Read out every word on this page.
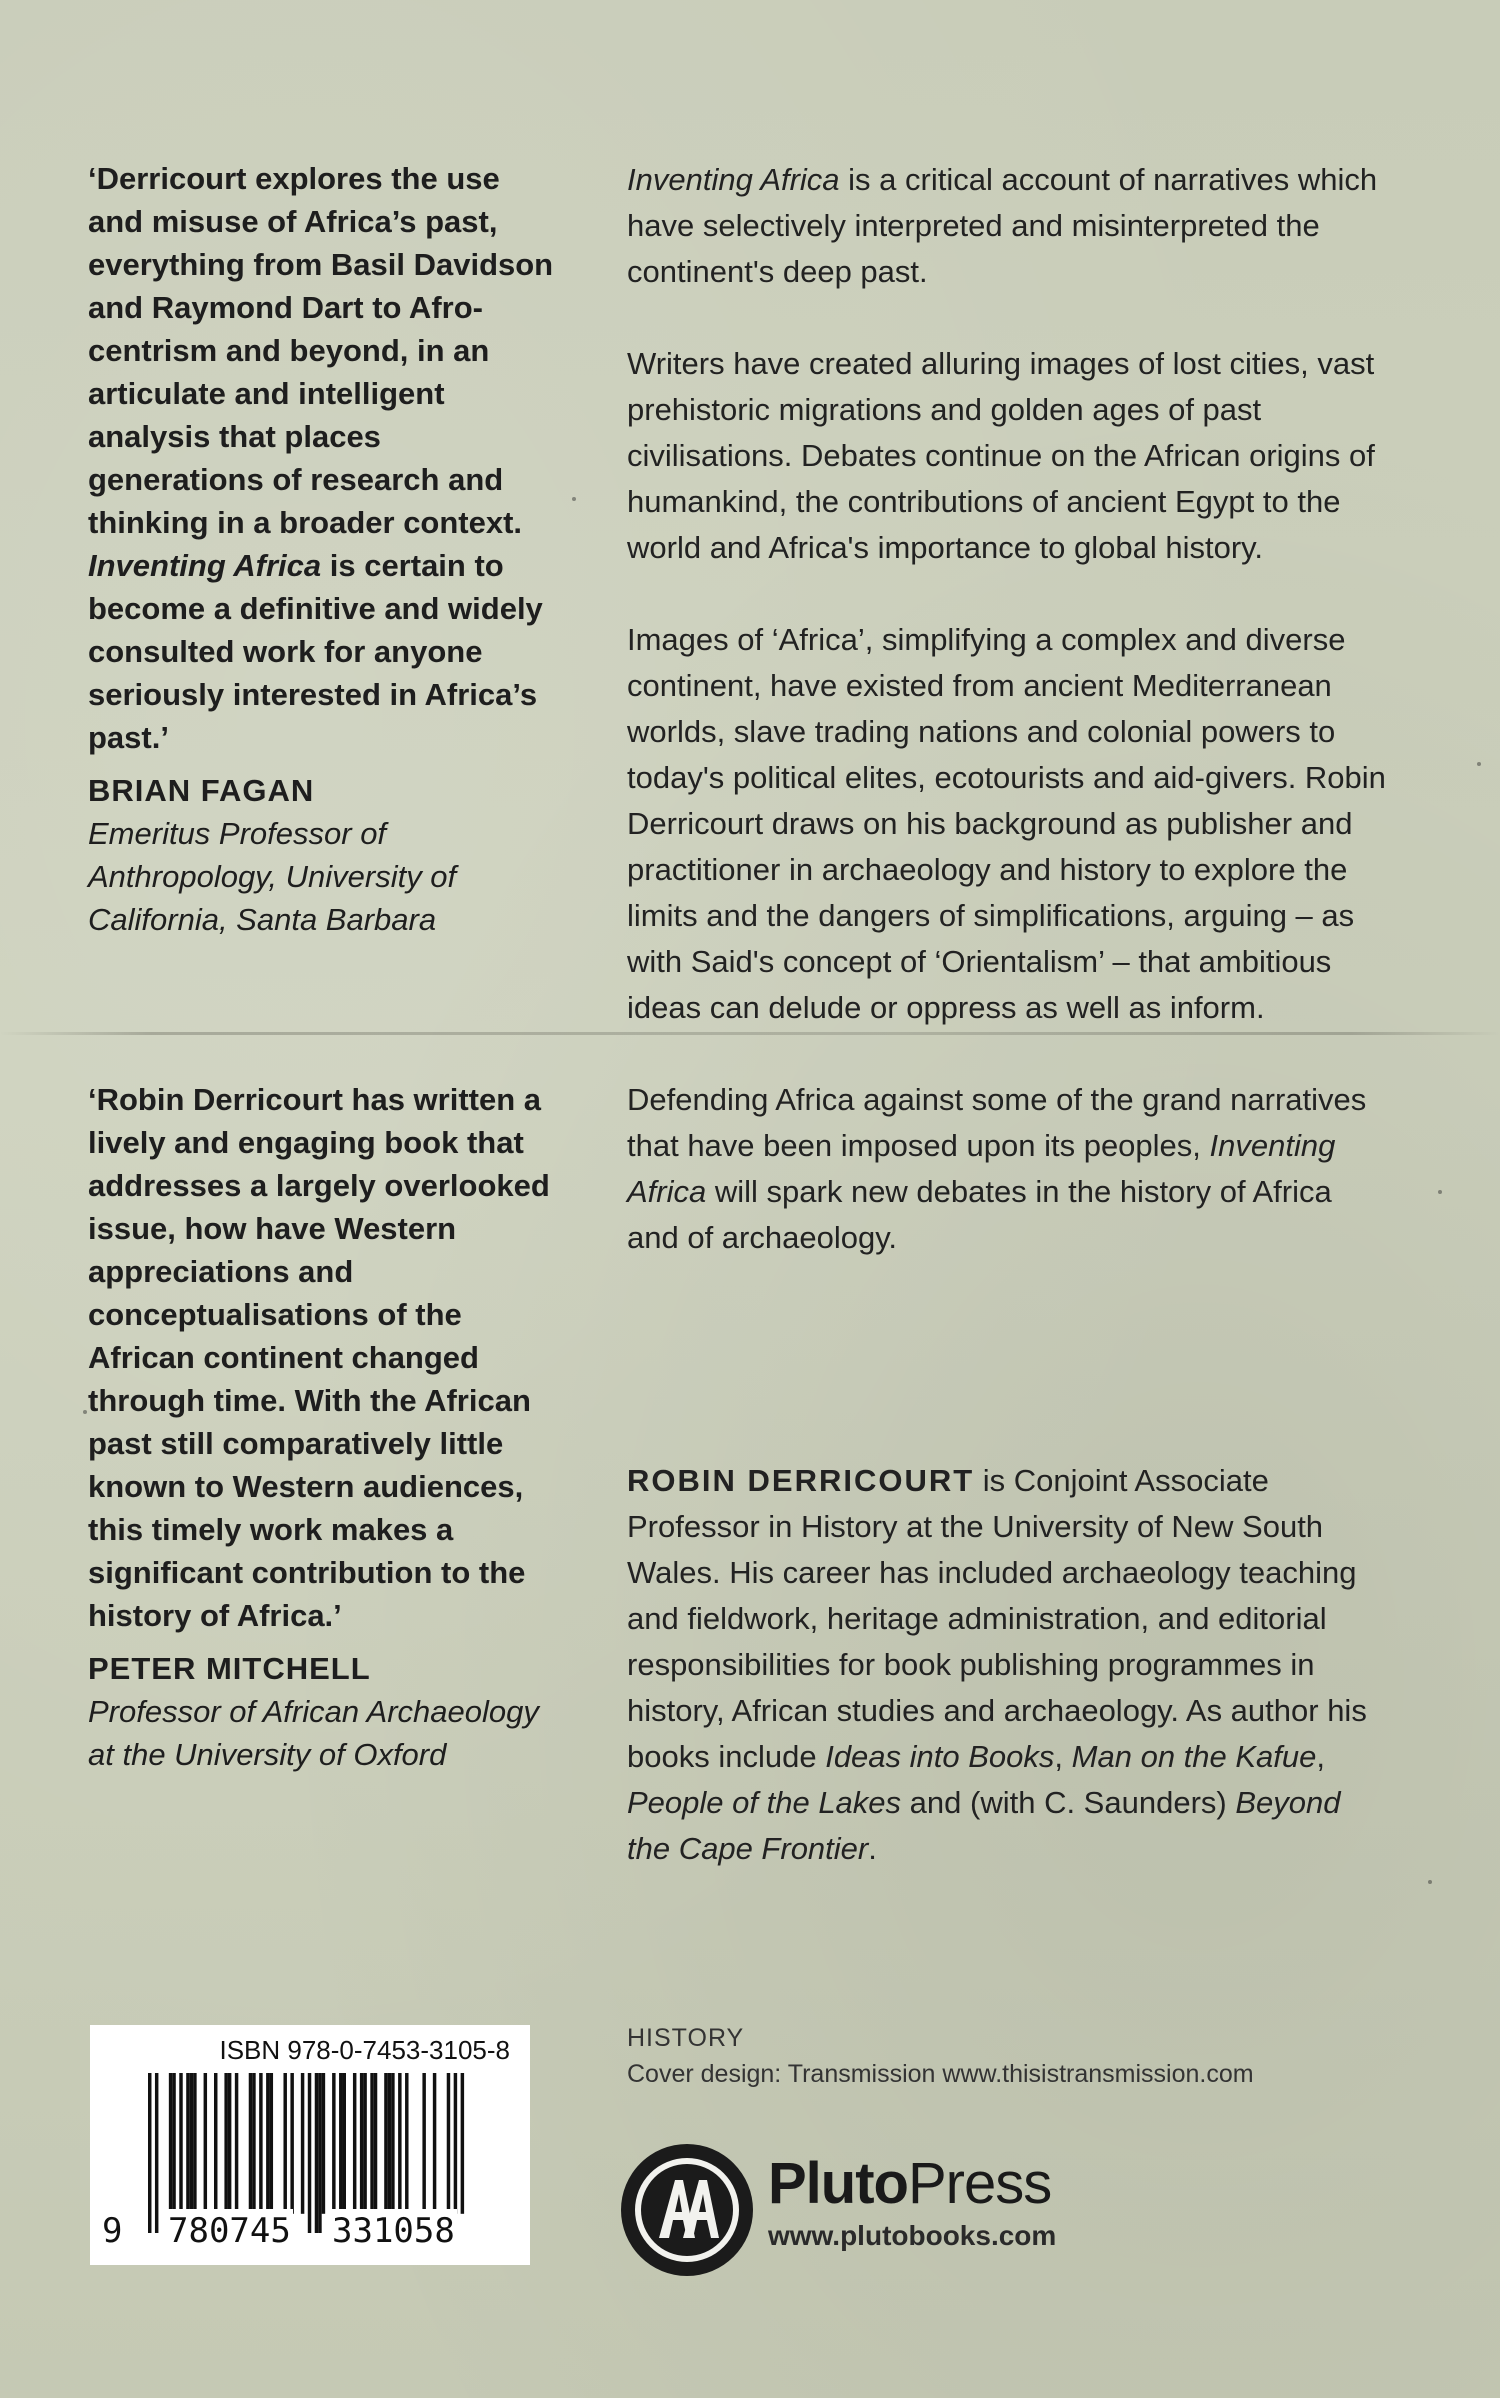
‘Derricourt explores the use and misuse of Africa’s past, everything from Basil Davidson and Raymond Dart to Afro-centrism and beyond, in an articulate and intelligent analysis that places generations of research and thinking in a broader context. Inventing Africa is certain to become a definitive and widely consulted work for anyone seriously interested in Africa’s past.’

BRIAN FAGAN
Emeritus Professor of Anthropology, University of California, Santa Barbara

‘Robin Derricourt has written a lively and engaging book that addresses a largely overlooked issue, how have Western appreciations and conceptualisations of the African continent changed through time. With the African past still comparatively little known to Western audiences, this timely work makes a significant contribution to the history of Africa.’

PETER MITCHELL
Professor of African Archaeology at the University of Oxford

Inventing Africa is a critical account of narratives which have selectively interpreted and misinterpreted the continent's deep past.

Writers have created alluring images of lost cities, vast prehistoric migrations and golden ages of past civilisations. Debates continue on the African origins of humankind, the contributions of ancient Egypt to the world and Africa's importance to global history.

Images of ‘Africa’, simplifying a complex and diverse continent, have existed from ancient Mediterranean worlds, slave trading nations and colonial powers to today's political elites, ecotourists and aid-givers. Robin Derricourt draws on his background as publisher and practitioner in archaeology and history to explore the limits and the dangers of simplifications, arguing – as with Said's concept of ‘Orientalism’ – that ambitious ideas can delude or oppress as well as inform.

Defending Africa against some of the grand narratives that have been imposed upon its peoples, Inventing Africa will spark new debates in the history of Africa and of archaeology.

ROBIN DERRICOURT is Conjoint Associate Professor in History at the University of New South Wales. His career has included archaeology teaching and fieldwork, heritage administration, and editorial responsibilities for book publishing programmes in history, African studies and archaeology. As author his books include Ideas into Books, Man on the Kafue, People of the Lakes and (with C. Saunders) Beyond the Cape Frontier.

ISBN 978-0-7453-3105-8
9 780745 331058
HISTORY
Cover design: Transmission www.thisistransmission.com
PlutoPress
www.plutobooks.com
